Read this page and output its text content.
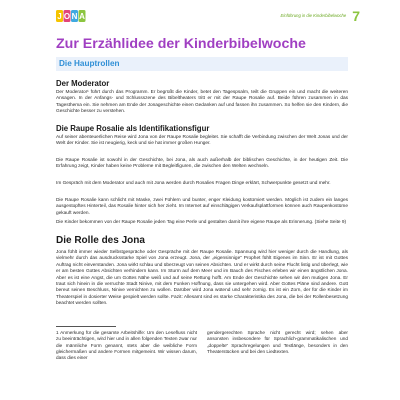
J O N A	Einführung in die Kinderbibelwoche 7
Zur Erzählidee der Kinderbibelwoche
Die Hauptrollen
Der Moderator
Der Moderator¹ führt durch das Programm. Er begrüßt die Kinder, betet den Tagespsalm, teilt die Gruppen ein und macht die weiteren Ansagen. In der Anfangs- und Schlussszene des Bibeltheaters tritt er mit der Raupe Rosalie auf. Beide führen zusammen in das Tagesthema ein. Sie nehmen am Ende der Jonageschichte einen Gedanken auf und fassen ihn zusammen. So helfen sie den Kindern, die Geschichte besser zu verstehen.
Die Raupe Rosalie als Identifikationsfigur
Auf seiner abenteuerlichen Reise wird Jona von der Raupe Rosalie begleitet. Sie schafft die Verbindung zwischen der Welt Jonas und der Welt der Kinder. Sie ist neugierig, keck und sie hat immer großen Hunger.
Die Raupe Rosalie ist sowohl in der Geschichte, bei Jona, als auch außerhalb der biblischen Geschichte, in der heutigen Zeit. Die Erfahrung zeigt, Kinder haben keine Probleme mit Begleitfiguren, die zwischen den Welten wechseln.
Im Gespräch mit dem Moderator und auch mit Jona werden durch Rosalies Fragen Dinge erklärt, Schwerpunkte gesetzt und mehr.
Die Raupe Rosalie kann schlicht mit Maske, zwei Fühlern und bunter, enger Kleidung kostümiert werden. Möglich ist zudem ein langes ausgestopftes Hinterteil, das Rosalie hinter sich her zieht. Im Internet auf einschlägigen Verkaufsplattformen können auch Raupenkostüme gekauft werden.
Die Kinder bekommen von der Raupe Rosalie jeden Tag eine Perle und gestalten damit ihre eigene Raupe als Erinnerung. (Siehe Seite 9)
Die Rolle des Jona
Jona fühlt immer wieder Selbstgespräche oder Gespräche mit der Raupe Rosalie. Spannung wird hier weniger durch die Handlung, als vielmehr durch das ausdrucksstarke Spiel von Jona erzeugt. Jona, der „eigensinnige“ Prophet fühlt Eigenes im Sinn. Er ist mit Gottes Auftrag nicht einverstanden. Jona wirkt schlau und überzeugt von seinen Absichten. Und er wirkt durch seine Flucht listig und überlegt, wie er am besten Gottes Absichten verhindern kann. Im Sturm auf dem Meer und im Bauch des Fisches erleben wir einen ängstlichen Jona. Aber es ist eine Angst, die um Gottes Nähe weiß und auf seine Rettung hofft. Am Ende der Geschichte sehen wir den mutigen Jona. Er traut sich hinein in die verruchte Stadt Ninive, mit dem Funken Hoffnung, dass sie untergehen wird. Aber Gottes Pläne sind andere. Gott bereut seinen Beschluss, Ninive vernichten zu wollen. Darüber wird Jona wütend und sehr zornig. Es ist ein Zorn, der für die Kinder im Theaterspiel in dosierter Weise gespielt werden sollte. Fazit: Allesamt sind es starke Charakteristika des Jona, die bei der Rollenbesetzung beachtet werden sollten.
1 Anmerkung für die gesamte Arbeitshilfe: Um den Lesefluss nicht zu beeinträchtigen, wird hier und in allen folgenden Texten zwar nur die männliche Form genannt, stets aber die weibliche Form gleichermaßen und andere Formen mitgemeint. Wir wissen darum, dass dies einer
gendergerechten Sprache nicht gerecht wird; sehen aber ansonsten insbesondere für Sprachlich-grammatikalischen und „doppelte“ Sprachregelungen und Textlänge, besonders in den Theaterstücken und bei den Liedtexten.
